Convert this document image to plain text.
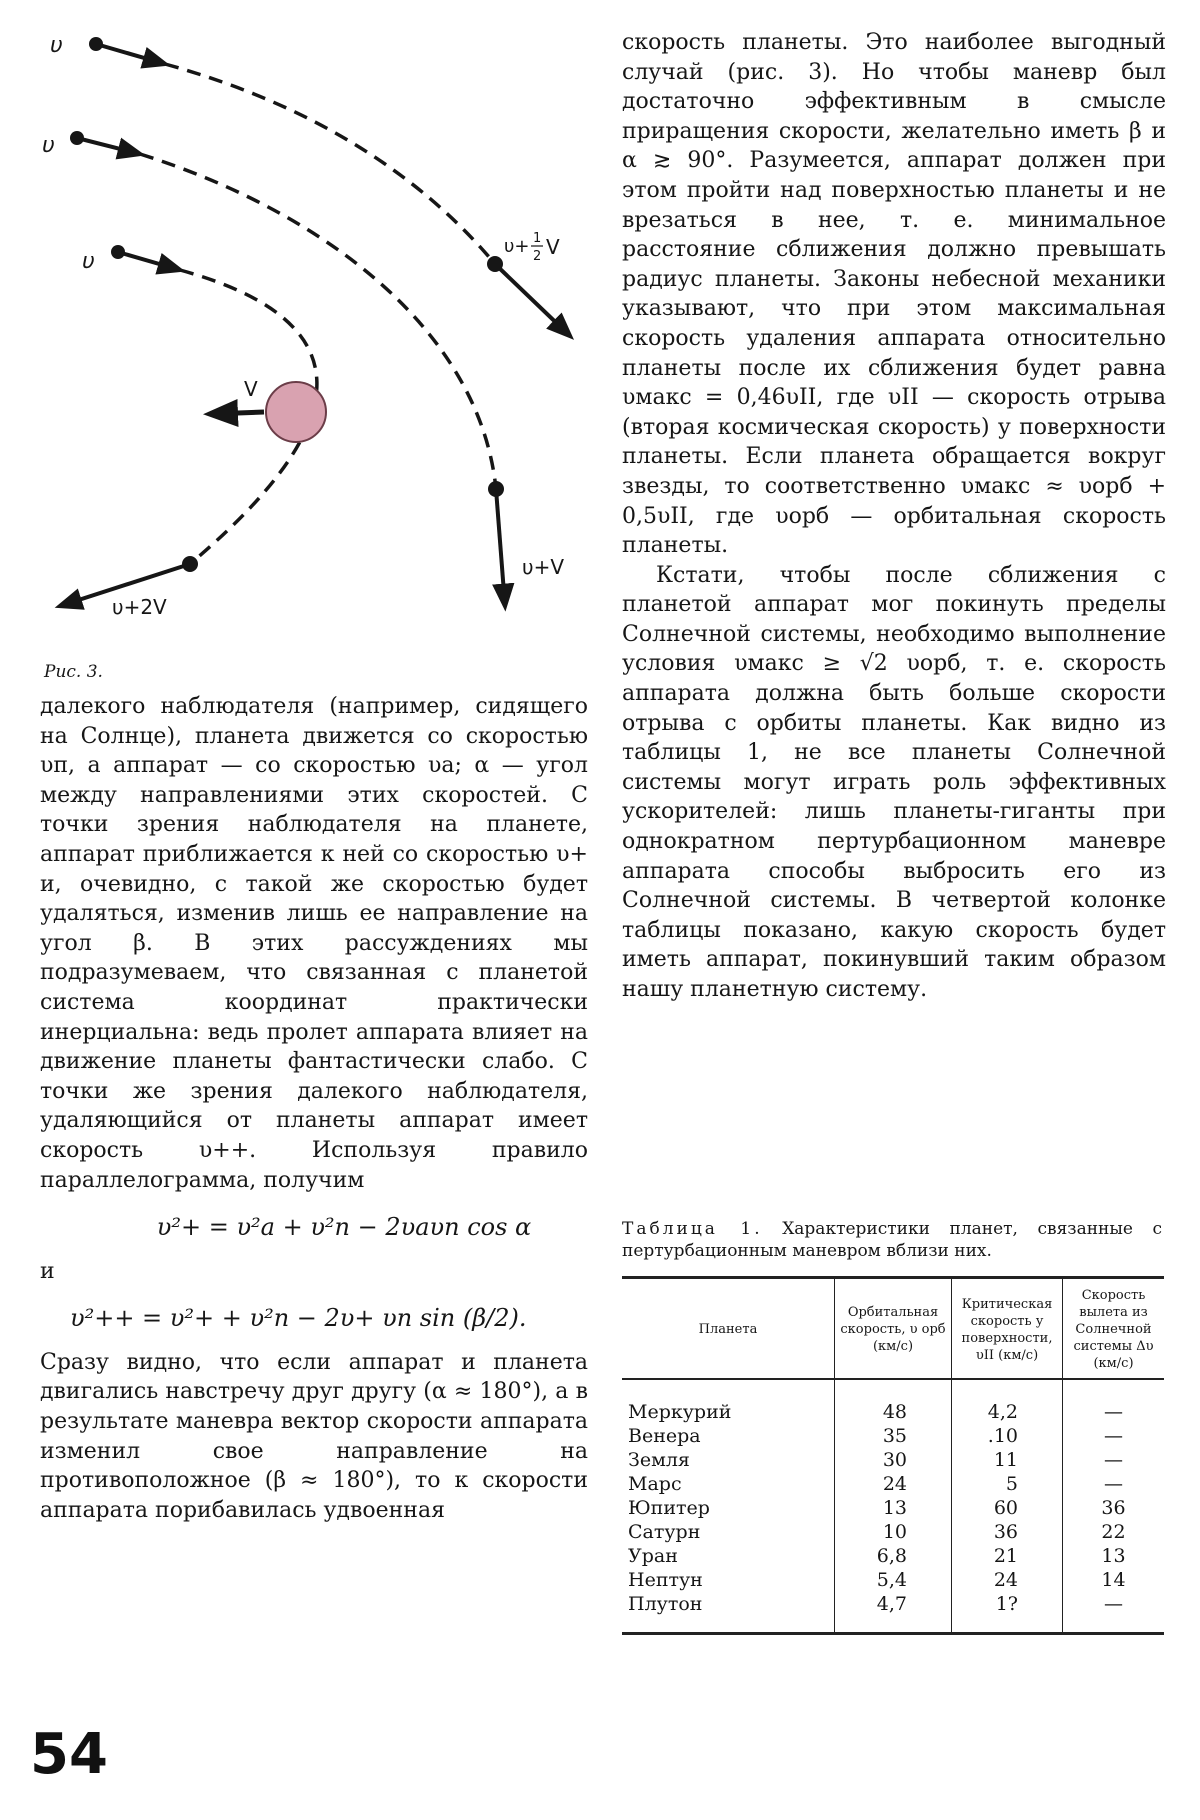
υ
υ
υ
υ+ 1
2 V
V
υ+V
υ+2V
Рис. 3.

далекого наблюдателя (например, сидящего на Солнце), планета движется со скоростью υп, а аппарат — со скоростью υа; α — угол между направлениями этих скоростей. С точки зрения наблюдателя на планете, аппарат приближается к ней со скоростью υ+ и, очевидно, с такой же скоростью будет удаляться, изменив лишь ее направление на угол β. В этих рассуждениях мы подразумеваем, что связанная с планетой система координат практически инерциальна: ведь пролет аппарата влияет на движение планеты фантастически слабо. С точки же зрения далекого наблюдателя, удаляющийся от планеты аппарат имеет скорость υ++. Используя правило параллелограмма, получим

υ²+ = υ²а + υ²п − 2υаυп cos α
и
υ²++ = υ²+ + υ²п − 2υ+ υп sin (β/2).

Сразу видно, что если аппарат и планета двигались навстречу друг другу (α ≈ 180°), а в результате маневра вектор скорости аппарата изменил свое направление на противоположное (β ≈ 180°), то к скорости аппарата порибавилась удвоенная

скорость планеты. Это наиболее выгодный случай (рис. 3). Но чтобы маневр был достаточно эффективным в смысле приращения скорости, желательно иметь β и α ≳ 90°. Разумеется, аппарат должен при этом пройти над поверхностью планеты и не врезаться в нее, т. е. минимальное расстояние сближения должно превышать радиус планеты. Законы небесной механики указывают, что при этом максимальная скорость удаления аппарата относительно планеты после их сближения будет равна υмакс = 0,46υII, где υII — скорость отрыва (вторая космическая скорость) у поверхности планеты. Если планета обращается вокруг звезды, то соответственно υмакс ≈ υорб + 0,5υII, где υорб — орбитальная скорость планеты.

Кстати, чтобы после сближения с планетой аппарат мог покинуть пределы Солнечной системы, необходимо выполнение условия υмакс ≥ √2 υорб, т. е. скорость аппарата должна быть больше скорости отрыва с орбиты планеты. Как видно из таблицы 1, не все планеты Солнечной системы могут играть роль эффективных ускорителей: лишь планеты-гиганты при однократном пертурбационном маневре аппарата способы выбросить его из Солнечной системы. В четвертой колонке таблицы показано, какую скорость будет иметь аппарат, покинувший таким образом нашу планетную систему.

Таблица 1. Характеристики планет, связанные с пертурбационным маневром вблизи них.
Планета	Орбитальная скорость, υ орб (км/с)	Критическая скорость у поверхности, υII (км/с)	Скорость вылета из Солнечной системы Δυ (км/с)
Меркурий	48	4,2	—
Венера	35	.10	—
Земля	30	11	—
Марс	24	5	—
Юпитер	13	60	36
Сатурн	10	36	22
Уран	6,8	21	13
Нептун	5,4	24	14
Плутон	4,7	1?	—
54
